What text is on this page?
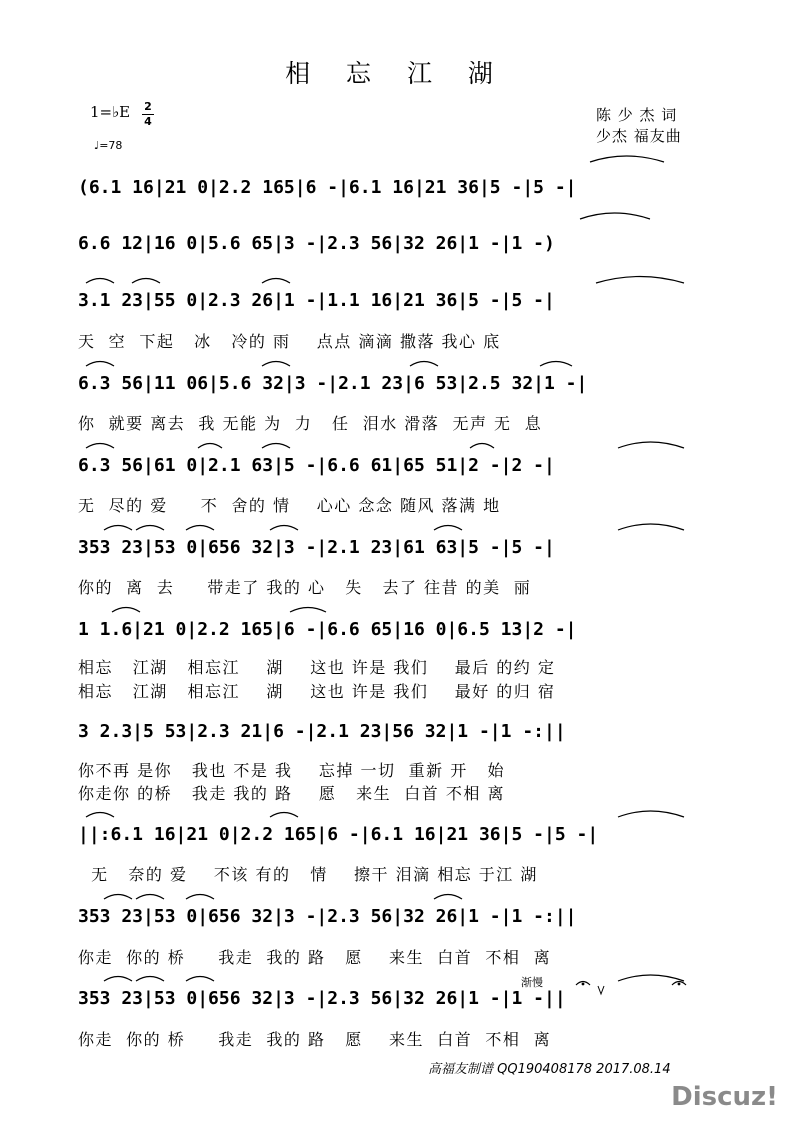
相 忘 江 湖
1=♭E 2
4
♩=78
陈 少 杰 词
少杰 福友曲
(6.1 16|21 0|2.2 165|6 -|6.1 16|21 36|5 -|5 -|
6.6 12|16 0|5.6 65|3 -|2.3 56|32 26|1 -|1 -)
3.1 23|55 0|2.3 26|1 -|1.1 16|21 36|5 -|5 -|
天  空  下起   冰   冷的 雨    点点 滴滴 撒落 我心 底
6.3 56|11 06|5.6 32|3 -|2.1 23|6 53|2.5 32|1 -|
你  就要 离去  我 无能 为  力   任  泪水 滑落  无声 无  息
6.3 56|61 0|2.1 63|5 -|6.6 61|65 51|2 -|2 -|
无  尽的 爱     不  舍的 情    心心 念念 随风 落满 地
353 23|53 0|656 32|3 -|2.1 23|61 63|5 -|5 -|
你的  离  去     带走了 我的 心   失   去了 往昔 的美  丽
1 1.6|21 0|2.2 165|6 -|6.6 65|16 0|6.5 13|2 -|
相忘   江湖   相忘江    湖    这也 许是 我们    最后 的约 定
相忘   江湖   相忘江    湖    这也 许是 我们    最好 的归 宿
3 2.3|5 53|2.3 21|6 -|2.1 23|56 32|1 -|1 -:||
你不再 是你   我也 不是 我    忘掉 一切  重新 开   始
你走你 的桥   我走 我的 路    愿   来生  白首 不相 离
||:6.1 16|21 0|2.2 165|6 -|6.1 16|21 36|5 -|5 -|
无   奈的 爱    不该 有的   情    擦干 泪滴 相忘 于江 湖
353 23|53 0|656 32|3 -|2.3 56|32 26|1 -|1 -:||
你走  你的 桥     我走  我的 路   愿    来生  白首  不相  离
渐慢
353 23|53 0|656 32|3 -|2.3 56|32 26|1 -|1 -||
你走  你的 桥     我走  我的 路   愿    来生  白首  不相  离
高福友制谱 QQ190408178 2017.08.14
Discuz!
